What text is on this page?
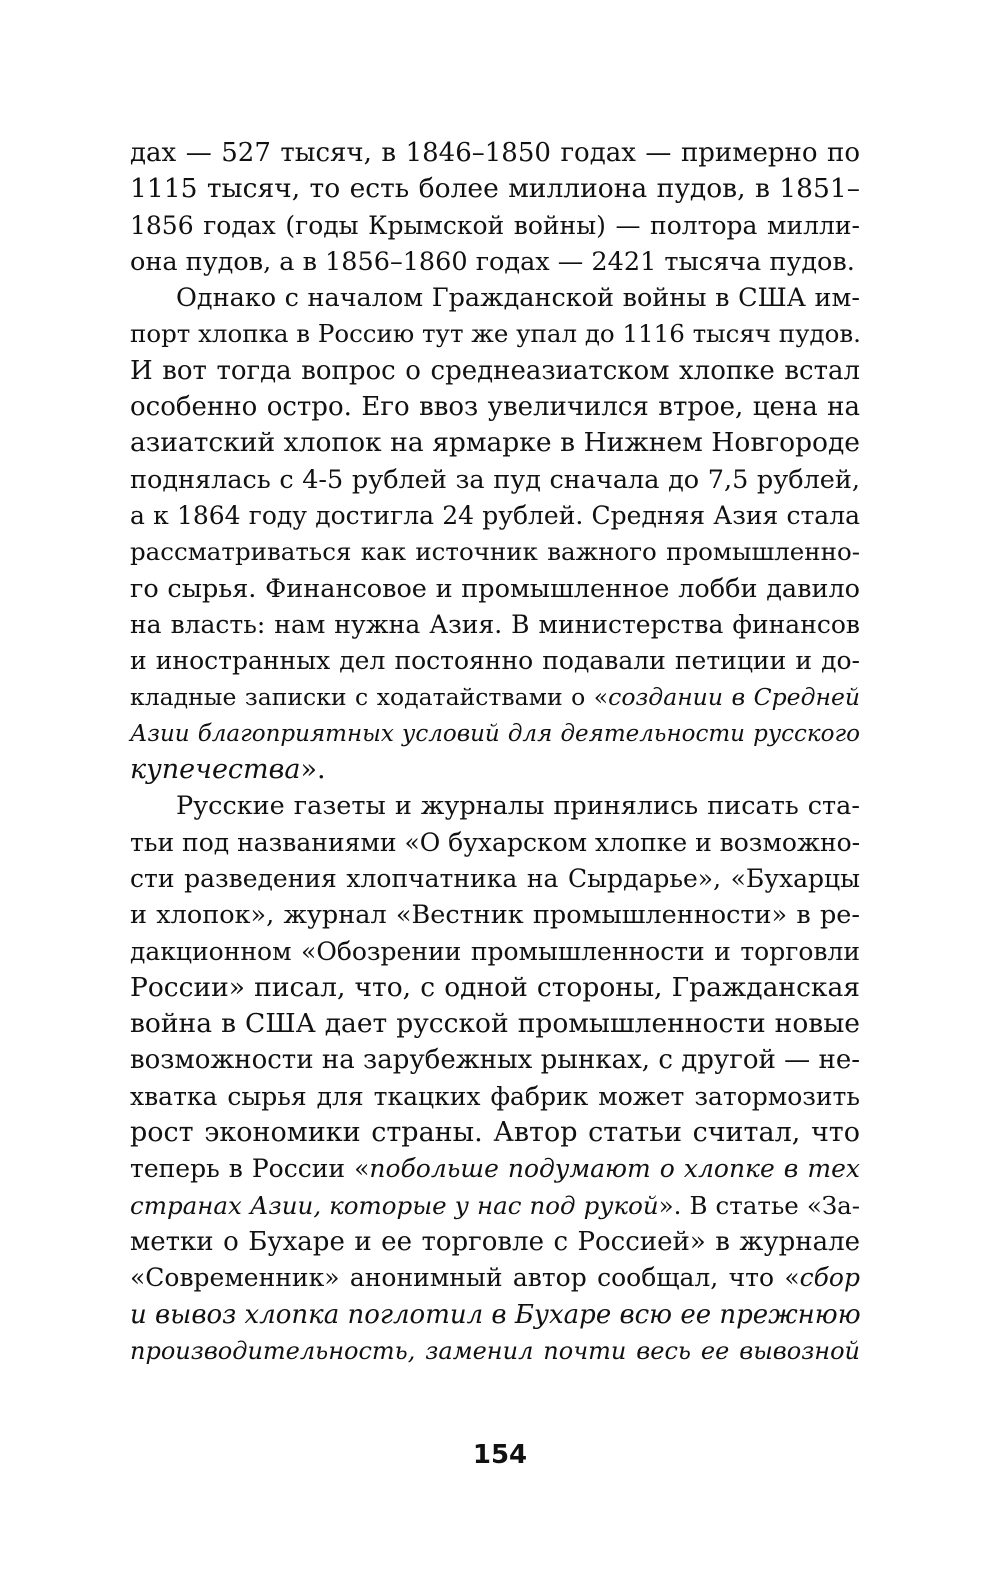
дах — 527 тысяч, в 1846–1850 годах — примерно по
1115 тысяч, то есть более миллиона пудов, в 1851–
1856 годах (годы Крымской войны) — полтора милли-
она пудов, а в 1856–1860 годах — 2421 тысяча пудов.
Однако с началом Гражданской войны в США им-
порт хлопка в Россию тут же упал до 1116 тысяч пудов.
И вот тогда вопрос о среднеазиатском хлопке встал
особенно остро. Его ввоз увеличился втрое, цена на
азиатский хлопок на ярмарке в Нижнем Новгороде
поднялась с 4-5 рублей за пуд сначала до 7,5 рублей,
а к 1864 году достигла 24 рублей. Средняя Азия стала
рассматриваться как источник важного промышленно-
го сырья. Финансовое и промышленное лобби давило
на власть: нам нужна Азия. В министерства финансов
и иностранных дел постоянно подавали петиции и до-
кладные записки с ходатайствами о «создании в Средней
Азии благоприятных условий для деятельности русского
купечества».
Русские газеты и журналы принялись писать ста-
тьи под названиями «О бухарском хлопке и возможно-
сти разведения хлопчатника на Сырдарье», «Бухарцы
и хлопок», журнал «Вестник промышленности» в ре-
дакционном «Обозрении промышленности и торговли
России» писал, что, с одной стороны, Гражданская
война в США дает русской промышленности новые
возможности на зарубежных рынках, с другой — не-
хватка сырья для ткацких фабрик может затормозить
рост экономики страны. Автор статьи считал, что
теперь в России «побольше подумают о хлопке в тех
странах Азии, которые у нас под рукой». В статье «За-
метки о Бухаре и ее торговле с Россией» в журнале
«Современник» анонимный автор сообщал, что «сбор
и вывоз хлопка поглотил в Бухаре всю ее прежнюю
производительность, заменил почти весь ее вывозной
154
